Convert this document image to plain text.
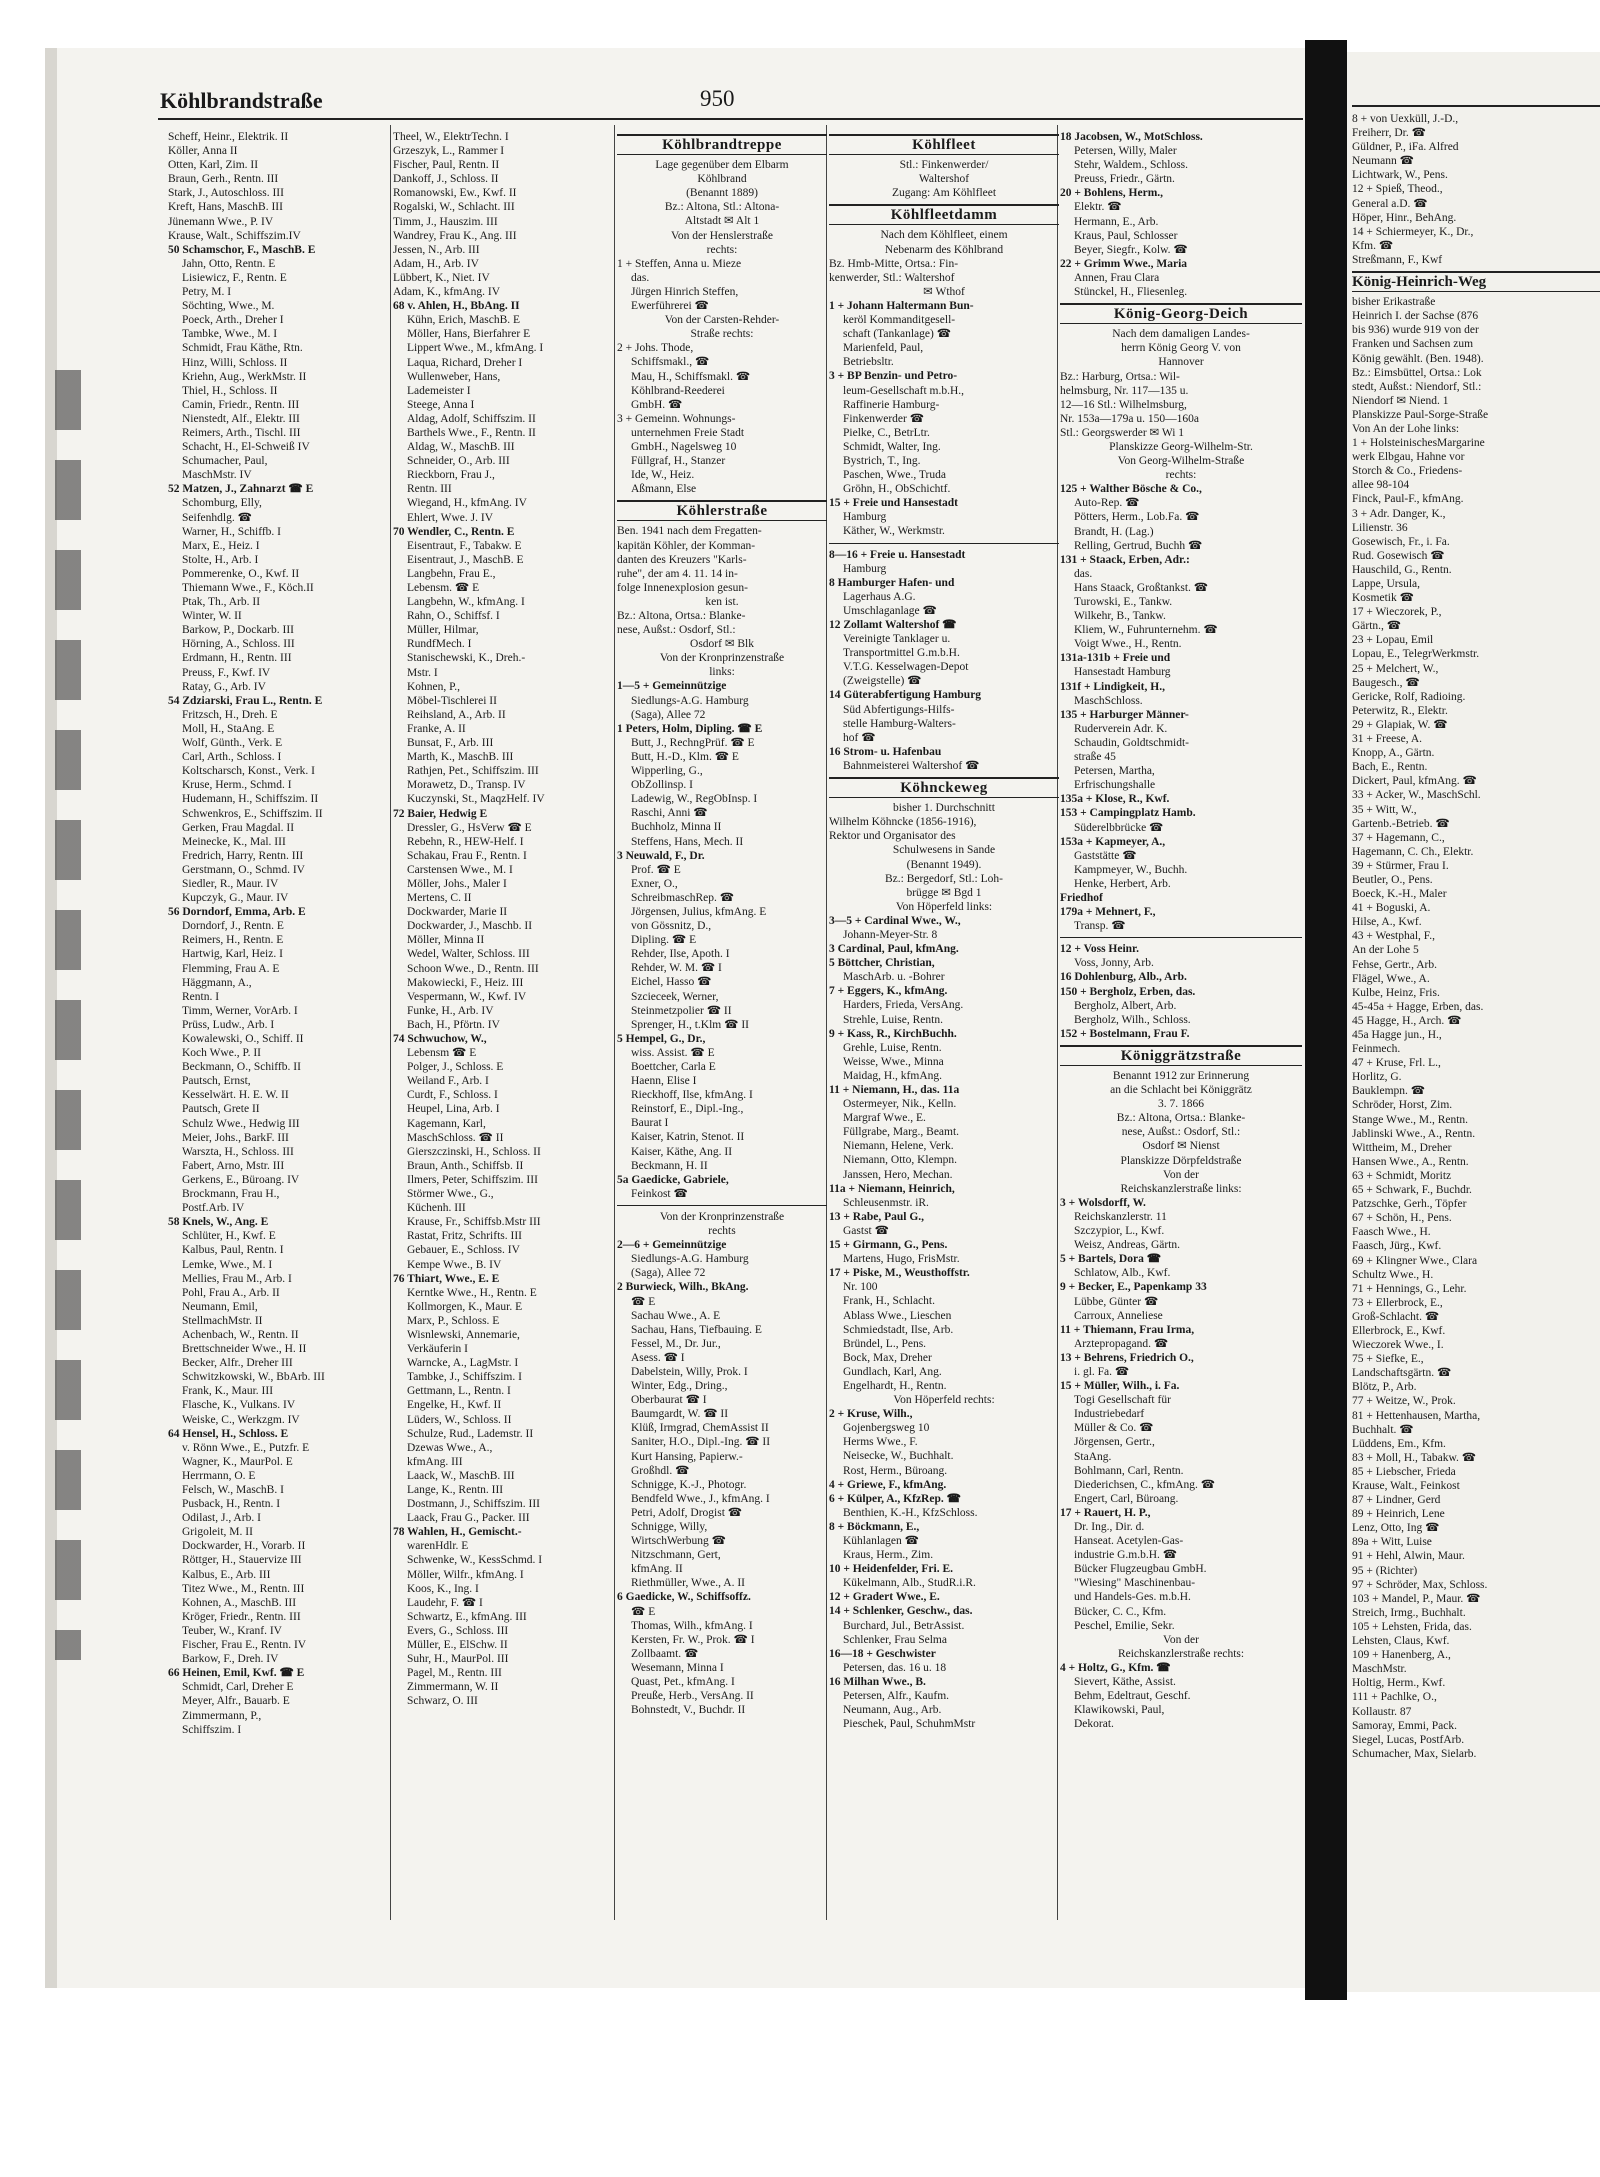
Köhlbrandstraße	950
Scheff, Heinr., Elektrik. II
Köller, Anna II
Otten, Karl, Zim. II
Braun, Gerh., Rentn. III
Stark, J., Autoschloss. III
Kreft, Hans, MaschB. III
Jünemann Wwe., P. IV
Krause, Walt., Schiffszim.IV
50 Schamschor, F., MaschB. E
Jahn, Otto, Rentn. E
Lisiewicz, F., Rentn. E
Petry, M. I
Söchting, Wwe., M.
Poeck, Arth., Dreher I
Tambke, Wwe., M. I
Schmidt, Frau Käthe, Rtn.
Hinz, Willi, Schloss. II
Kriehn, Aug., WerkMstr. II
Thiel, H., Schloss. II
Camin, Friedr., Rentn. III
Nienstedt, Alf., Elektr. III
Reimers, Arth., Tischl. III
Schacht, H., El-Schweiß IV
Schumacher, Paul,
MaschMstr. IV
52 Matzen, J., Zahnarzt ☎ E
Schomburg, Elly,
Seifenhdlg. ☎
Warner, H., Schiffb. I
Marx, E., Heiz. I
Stolte, H., Arb. I
Pommerenke, O., Kwf. II
Thiemann Wwe., F., Köch.II
Ptak, Th., Arb. II
Winter, W. II
Barkow, P., Dockarb. III
Hörning, A., Schloss. III
Erdmann, H., Rentn. III
Preuss, F., Kwf. IV
Ratay, G., Arb. IV
54 Zdziarski, Frau L., Rentn. E
Fritzsch, H., Dreh. E
Moll, H., StaAng. E
Wolf, Günth., Verk. E
Carl, Arth., Schloss. I
Koltscharsch, Konst., Verk. I
Kruse, Herm., Schmd. I
Hudemann, H., Schiffszim. II
Schwenkros, E., Schiffszim. II
Gerken, Frau Magdal. II
Meinecke, K., Mal. III
Fredrich, Harry, Rentn. III
Gerstmann, O., Schmd. IV
Siedler, R., Maur. IV
Kupczyk, G., Maur. IV
56 Dorndorf, Emma, Arb. E
Dorndorf, J., Rentn. E
Reimers, H., Rentn. E
Hartwig, Karl, Heiz. I
Flemming, Frau A. E
Häggmann, A.,
Rentn. I
Timm, Werner, VorArb. I
Prüss, Ludw., Arb. I
Kowalewski, O., Schiff. II
Koch Wwe., P. II
Beckmann, O., Schiffb. II
Pautsch, Ernst,
Kesselwärt. H. E. W. II
Pautsch, Grete II
Schulz Wwe., Hedwig III
Meier, Johs., BarkF. III
Warszta, H., Schloss. III
Fabert, Arno, Mstr. III
Gerkens, E., Büroang. IV
Brockmann, Frau H.,
Postf.Arb. IV
58 Knels, W., Ang. E
Schlüter, H., Kwf. E
Kalbus, Paul, Rentn. I
Lemke, Wwe., M. I
Mellies, Frau M., Arb. I
Pohl, Frau A., Arb. II
Neumann, Emil,
StellmachMstr. II
Achenbach, W., Rentn. II
Brettschneider Wwe., H. II
Becker, Alfr., Dreher III
Schwitzkowski, W., BbArb. III
Frank, K., Maur. III
Flasche, K., Vulkans. IV
Weiske, C., Werkzgm. IV
64 Hensel, H., Schloss. E
v. Rönn Wwe., E., Putzfr. E
Wagner, K., MaurPol. E
Herrmann, O. E
Felsch, W., MaschB. I
Pusback, H., Rentn. I
Odilast, J., Arb. I
Grigoleit, M. II
Dockwarder, H., Vorarb. II
Röttger, H., Stauervize III
Kalbus, E., Arb. III
Titez Wwe., M., Rentn. III
Kohnen, A., MaschB. III
Kröger, Friedr., Rentn. III
Teuber, W., Kranf. IV
Fischer, Frau E., Rentn. IV
Barkow, F., Dreh. IV
66 Heinen, Emil, Kwf. ☎ E
Schmidt, Carl, Dreher E
Meyer, Alfr., Bauarb. E
Zimmermann, P.,
Schiffszim. I
Theel, W., ElektrTechn. I
Grzeszyk, L., Rammer I
Fischer, Paul, Rentn. II
Dankoff, J., Schloss. II
Romanowski, Ew., Kwf. II
Rogalski, W., Schlacht. III
Timm, J., Hauszim. III
Wandrey, Frau K., Ang. III
Jessen, N., Arb. III
Adam, H., Arb. IV
Lübbert, K., Niet. IV
Adam, K., kfmAng. IV
68 v. Ahlen, H., BbAng. II
Kühn, Erich, MaschB. E
Möller, Hans, Bierfahrer E
Lippert Wwe., M., kfmAng. I
Laqua, Richard, Dreher I
Wullenweber, Hans,
Lademeister I
Steege, Anna I
Aldag, Adolf, Schiffszim. II
Barthels Wwe., F., Rentn. II
Aldag, W., MaschB. III
Schneider, O., Arb. III
Rieckborn, Frau J.,
Rentn. III
Wiegand, H., kfmAng. IV
Ehlert, Wwe. J. IV
70 Wendler, C., Rentn. E
Eisentraut, F., Tabakw. E
Eisentraut, J., MaschB. E
Langbehn, Frau E.,
Lebensm. ☎ E
Langbehn, W., kfmAng. I
Rahn, O., Schiffsf. I
Müller, Hilmar,
RundfMech. I
Stanischewski, K., Dreh.-
Mstr. I
Kohnen, P.,
Möbel-Tischlerei II
Reihsland, A., Arb. II
Franke, A. II
Bunsat, F., Arb. III
Marth, K., MaschB. III
Rathjen, Pet., Schiffszim. III
Morawetz, D., Transp. IV
Kuczynski, St., MaqzHelf. IV
72 Baier, Hedwig E
Dressler, G., HsVerw ☎ E
Rebehn, R., HEW-Helf. I
Schakau, Frau F., Rentn. I
Carstensen Wwe., M. I
Möller, Johs., Maler I
Mertens, C. II
Dockwarder, Marie II
Dockwarder, J., Maschb. II
Möller, Minna II
Wedel, Walter, Schloss. III
Schoon Wwe., D., Rentn. III
Makowiecki, F., Heiz. III
Vespermann, W., Kwf. IV
Funke, H., Arb. IV
Bach, H., Pförtn. IV
74 Schwuchow, W.,
Lebensm ☎ E
Polger, J., Schloss. E
Weiland F., Arb. I
Curdt, F., Schloss. I
Heupel, Lina, Arb. I
Kagemann, Karl,
MaschSchloss. ☎ II
Gierszczinski, H., Schloss. II
Braun, Anth., Schiffsb. II
Ilmers, Peter, Schiffszim. III
Störmer Wwe., G.,
Küchenh. III
Krause, Fr., Schiffsb.Mstr III
Rastat, Fritz, Schrifts. III
Gebauer, E., Schloss. IV
Kempe Wwe., B. IV
76 Thiart, Wwe., E. E
Kerntke Wwe., H., Rentn. E
Kollmorgen, K., Maur. E
Marx, P., Schloss. E
Wisnlewski, Annemarie,
Verkäuferin I
Warncke, A., LagMstr. I
Tambke, J., Schiffszim. I
Gettmann, L., Rentn. I
Engelke, H., Kwf. II
Lüders, W., Schloss. II
Schulze, Rud., Lademstr. II
Dzewas Wwe., A.,
kfmAng. III
Laack, W., MaschB. III
Lange, K., Rentn. III
Dostmann, J., Schiffszim. III
Laack, Frau G., Packer. III
78 Wahlen, H., Gemischt.-
warenHdlr. E
Schwenke, W., KessSchmd. I
Möller, Wilfr., kfmAng. I
Koos, K., Ing. I
Laudehr, F. ☎ I
Schwartz, E., kfmAng. III
Evers, G., Schloss. III
Müller, E., ElSchw. II
Suhr, H., MaurPol. III
Pagel, M., Rentn. III
Zimmermann, W. II
Schwarz, O. III
Köhlbrandtreppe
Lage gegenüber dem Elbarm
Köhlbrand
(Benannt 1889)
Bz.: Altona, Stl.: Altona-
Altstadt ✉ Alt 1
Von der Henslerstraße
rechts:
1 + Steffen, Anna u. Mieze
das.
Jürgen Hinrich Steffen,
Ewerführerei ☎
Von der Carsten-Rehder-
Straße rechts:
2 + Johs. Thode,
Schiffsmakl., ☎
Mau, H., Schiffsmakl. ☎
Köhlbrand-Reederei
GmbH. ☎
3 + Gemeinn. Wohnungs-
unternehmen Freie Stadt
GmbH., Nagelsweg 10
Füllgraf, H., Stanzer
Ide, W., Heiz.
Aßmann, Else
Köhlerstraße
Ben. 1941 nach dem Fregatten-
kapitän Köhler, der Komman-
danten des Kreuzers "Karls-
ruhe", der am 4. 11. 14 in-
folge Innenexplosion gesun-
ken ist.
Bz.: Altona, Ortsa.: Blanke-
nese, Außst.: Osdorf, Stl.:
Osdorf ✉ Blk
Von der Kronprinzenstraße
links:
1—5 + Gemeinnützige
Siedlungs-A.G. Hamburg
(Saga), Allee 72
1 Peters, Holm, Dipling. ☎ E
Butt, J., RechngPrüf. ☎ E
Butt, H.-D., Klm. ☎ E
Wipperling, G.,
ObZollinsp. I
Ladewig, W., RegObInsp. I
Raschi, Anni ☎
Buchholz, Minna II
Steffens, Hans, Mech. II
3 Neuwald, F., Dr.
Prof. ☎ E
Exner, O.,
SchreibmaschRep. ☎
Jörgensen, Julius, kfmAng. E
von Gössnitz, D.,
Dipling. ☎ E
Rehder, Ilse, Apoth. I
Rehder, W. M. ☎ I
Eichel, Hasso ☎
Szcieceek, Werner,
Steinmetzpolier ☎ II
Sprenger, H., t.Klm ☎ II
5 Hempel, G., Dr.,
wiss. Assist. ☎ E
Boettcher, Carla E
Haenn, Elise I
Rieckhoff, Ilse, kfmAng. I
Reinstorf, E., Dipl.-Ing.,
Baurat I
Kaiser, Katrin, Stenot. II
Kaiser, Käthe, Ang. II
Beckmann, H. II
5a Gaedicke, Gabriele,
Feinkost ☎
Von der Kronprinzenstraße
rechts
2—6 + Gemeinnützige
Siedlungs-A.G. Hamburg
(Saga), Allee 72
2 Burwieck, Wilh., BkAng.
☎ E
Sachau Wwe., A. E
Sachau, Hans, Tiefbauing. E
Fessel, M., Dr. Jur.,
Asess. ☎ I
Dabelstein, Willy, Prok. I
Winter, Edg., Dring.,
Oberbaurat ☎ I
Baumgardt, W. ☎ II
Klüß, Irmgrad, ChemAssist II
Saniter, H.O., Dipl.-Ing. ☎ II
Kurt Hansing, Papierw.-
Großhdl. ☎
Schnigge, K.-J., Photogr.
Bendfeld Wwe., J., kfmAng. I
Petri, Adolf, Drogist ☎
Schnigge, Willy,
WirtschWerbung ☎
Nitzschmann, Gert,
kfmAng. II
Riethmüller, Wwe., A. II
6 Gaedicke, W., Schiffsoffz.
☎ E
Thomas, Wilh., kfmAng. I
Kersten, Fr. W., Prok. ☎ I
Zollbaamt. ☎
Wesemann, Minna I
Quast, Pet., kfmAng. I
Preuße, Herb., VersAng. II
Bohnstedt, V., Buchdr. II
Köhlfleet
Stl.: Finkenwerder/
Waltershof
Zugang: Am Köhlfleet
Köhlfleetdamm
Nach dem Köhlfleet, einem
Nebenarm des Köhlbrand
Bz. Hmb-Mitte, Ortsa.: Fin-
kenwerder, Stl.: Waltershof
✉ Wthof
1 + Johann Haltermann Bun-
keröl Kommanditgesell-
schaft (Tankanlage) ☎
Marienfeld, Paul,
Betriebsltr.
3 + BP Benzin- und Petro-
leum-Gesellschaft m.b.H.,
Raffinerie Hamburg-
Finkenwerder ☎
Pielke, C., BetrLtr.
Schmidt, Walter, Ing.
Bystrich, T., Ing.
Paschen, Wwe., Truda
Gröhn, H., ObSchichtf.
15 + Freie und Hansestadt
Hamburg
Käther, W., Werkmstr.
8—16 + Freie u. Hansestadt
Hamburg
8 Hamburger Hafen- und
Lagerhaus A.G.
Umschlaganlage ☎
12 Zollamt Waltershof ☎
Vereinigte Tanklager u.
Transportmittel G.m.b.H.
V.T.G. Kesselwagen-Depot
(Zweigstelle) ☎
14 Güterabfertigung Hamburg
Süd Abfertigungs-Hilfs-
stelle Hamburg-Walters-
hof ☎
16 Strom- u. Hafenbau
Bahnmeisterei Waltershof ☎
Köhnckeweg
bisher 1. Durchschnitt
Wilhelm Köhncke (1856-1916),
Rektor und Organisator des
Schulwesens in Sande
(Benannt 1949).
Bz.: Bergedorf, Stl.: Loh-
brügge ✉ Bgd 1
Von Höperfeld links:
3—5 + Cardinal Wwe., W.,
Johann-Meyer-Str. 8
3 Cardinal, Paul, kfmAng.
5 Böttcher, Christian,
MaschArb. u. -Bohrer
7 + Eggers, K., kfmAng.
Harders, Frieda, VersAng.
Strehle, Luise, Rentn.
9 + Kass, R., KirchBuchh.
Grehle, Luise, Rentn.
Weisse, Wwe., Minna
Maidag, H., kfmAng.
11 + Niemann, H., das. 11a
Ostermeyer, Nik., Kelln.
Margraf Wwe., E.
Füllgrabe, Marg., Beamt.
Niemann, Helene, Verk.
Niemann, Otto, Klempn.
Janssen, Hero, Mechan.
11a + Niemann, Heinrich,
Schleusenmstr. iR.
13 + Rabe, Paul G.,
Gastst ☎
15 + Girmann, G., Pens.
Martens, Hugo, FrisMstr.
17 + Piske, M., Weusthoffstr.
Nr. 100
Frank, H., Schlacht.
Ablass Wwe., Lieschen
Schmiedstadt, Ilse, Arb.
Bründel, L., Pens.
Bock, Max, Dreher
Gundlach, Karl, Ang.
Engelhardt, H., Rentn.
Von Höperfeld rechts:
2 + Kruse, Wilh.,
Gojenbergsweg 10
Herms Wwe., F.
Neisecke, W., Buchhalt.
Rost, Herm., Büroang.
4 + Griewe, F., kfmAng.
6 + Külper, A., KfzRep. ☎
Benthien, K.-H., KfzSchloss.
8 + Böckmann, E.,
Kühlanlagen ☎
Kraus, Herm., Zim.
10 + Heidenfelder, Fri. E.
Kükelmann, Alb., StudR.i.R.
12 + Gradert Wwe., E.
14 + Schlenker, Geschw., das.
Burchard, Jul., BetrAssist.
Schlenker, Frau Selma
16—18 + Geschwister
Petersen, das. 16 u. 18
16 Milhan Wwe., B.
Petersen, Alfr., Kaufm.
Neumann, Aug., Arb.
Pieschek, Paul, SchuhmMstr
18 Jacobsen, W., MotSchloss.
Petersen, Willy, Maler
Stehr, Waldem., Schloss.
Preuss, Friedr., Gärtn.
20 + Bohlens, Herm.,
Elektr. ☎
Hermann, E., Arb.
Kraus, Paul, Schlosser
Beyer, Siegfr., Kolw. ☎
22 + Grimm Wwe., Maria
Annen, Frau Clara
Stünckel, H., Fliesenleg.
König-Georg-Deich
Nach dem damaligen Landes-
herrn König Georg V. von
Hannover
Bz.: Harburg, Ortsa.: Wil-
helmsburg, Nr. 117—135 u.
12—16 Stl.: Wilhelmsburg,
Nr. 153a—179a u. 150—160a
Stl.: Georgswerder ✉ Wi 1
Planskizze Georg-Wilhelm-Str.
Von Georg-Wilhelm-Straße
rechts:
125 + Walther Bösche & Co.,
Auto-Rep. ☎
Pötters, Herm., Lob.Fa. ☎
Brandt, H. (Lag.)
Relling, Gertrud, Buchh ☎
131 + Staack, Erben, Adr.:
das.
Hans Staack, Großtankst. ☎
Turowski, E., Tankw.
Wilkehr, B., Tankw.
Kliem, W., Fuhrunternehm. ☎
Voigt Wwe., H., Rentn.
131a-131b + Freie und
Hansestadt Hamburg
131f + Lindigkeit, H.,
MaschSchloss.
135 + Harburger Männer-
Ruderverein Adr. K.
Schaudin, Goldtschmidt-
straße 45
Petersen, Martha,
Erfrischungshalle
135a + Klose, R., Kwf.
153 + Campingplatz Hamb.
Süderelbbrücke ☎
153a + Kapmeyer, A.,
Gaststätte ☎
Kampmeyer, W., Buchh.
Henke, Herbert, Arb.
Friedhof
179a + Mehnert, F.,
Transp. ☎
12 + Voss Heinr.
Voss, Jonny, Arb.
16 Dohlenburg, Alb., Arb.
150 + Bergholz, Erben, das.
Bergholz, Albert, Arb.
Bergholz, Wilh., Schloss.
152 + Bostelmann, Frau F.
Königgrätzstraße
Benannt 1912 zur Erinnerung
an die Schlacht bei Königgrätz
3. 7. 1866
Bz.: Altona, Ortsa.: Blanke-
nese, Außst.: Osdorf, Stl.:
Osdorf ✉ Nienst
Planskizze Dörpfeldstraße
Von der
Reichskanzlerstraße links:
3 + Wolsdorff, W.
Reichskanzlerstr. 11
Szczypior, L., Kwf.
Weisz, Andreas, Gärtn.
5 + Bartels, Dora ☎
Schlatow, Alb., Kwf.
9 + Becker, E., Papenkamp 33
Lübbe, Günter ☎
Carroux, Anneliese
11 + Thiemann, Frau Irma,
Arztepropagand. ☎
13 + Behrens, Friedrich O.,
i. gl. Fa. ☎
15 + Müller, Wilh., i. Fa.
Togi Gesellschaft für
Industriebedarf
Müller & Co. ☎
Jörgensen, Gertr.,
StaAng.
Bohlmann, Carl, Rentn.
Diederichsen, C., kfmAng. ☎
Engert, Carl, Büroang.
17 + Rauert, H. P.,
Dr. Ing., Dir. d.
Hanseat. Acetylen-Gas-
industrie G.m.b.H. ☎
Bücker Flugzeugbau GmbH.
"Wiesing" Maschinenbau-
und Handels-Ges. m.b.H.
Bücker, C. C., Kfm.
Peschel, Emilie, Sekr.
Von der
Reichskanzlerstraße rechts:
4 + Holtz, G., Kfm. ☎
Sievert, Käthe, Assist.
Behm, Edeltraut, Geschf.
Klawikowski, Paul,
Dekorat.
8 + von Uexküll, J.-D.,
Freiherr, Dr. ☎
Güldner, P., iFa. Alfred
Neumann ☎
Lichtwark, W., Pens.
12 + Spieß, Theod.,
General a.D. ☎
Höper, Hinr., BehAng.
14 + Schiermeyer, K., Dr.,
Kfm. ☎
Streßmann, F., Kwf
König-Heinrich-Weg
bisher Erikastraße
Heinrich I. der Sachse (876
bis 936) wurde 919 von der
Franken und Sachsen zum
König gewählt. (Ben. 1948).
Bz.: Eimsbüttel, Ortsa.: Lok
stedt, Außst.: Niendorf, Stl.:
Niendorf ✉ Niend. 1
Planskizze Paul-Sorge-Straße
Von An der Lohe links:
1 + HolsteinischesMargarine
werk Elbgau, Hahne vor
Storch & Co., Friedens-
allee 98-104
Finck, Paul-F., kfmAng.
3 + Adr. Danger, K.,
Lilienstr. 36
Gosewisch, Fr., i. Fa.
Rud. Gosewisch ☎
Hauschild, G., Rentn.
Lappe, Ursula,
Kosmetik ☎
17 + Wieczorek, P.,
Gärtn., ☎
23 + Lopau, Emil
Lopau, E., TelegrWerkmstr.
25 + Melchert, W.,
Baugesch., ☎
Gericke, Rolf, Radioing.
Peterwitz, R., Elektr.
29 + Glapiak, W. ☎
31 + Freese, A.
Knopp, A., Gärtn.
Bach, E., Rentn.
Dickert, Paul, kfmAng. ☎
33 + Acker, W., MaschSchl.
35 + Witt, W.,
Gartenb.-Betrieb. ☎
37 + Hagemann, C.,
Hagemann, C. Ch., Elektr.
39 + Stürmer, Frau I.
Beutler, O., Pens.
Boeck, K.-H., Maler
41 + Boguski, A.
Hilse, A., Kwf.
43 + Westphal, F.,
An der Lohe 5
Fehse, Gertr., Arb.
Flägel, Wwe., A.
Kulbe, Heinz, Fris.
45-45a + Hagge, Erben, das.
45 Hagge, H., Arch. ☎
45a Hagge jun., H.,
Feinmech.
47 + Kruse, Frl. L.,
Horlitz, G.
Bauklempn. ☎
Schröder, Horst, Zim.
Stange Wwe., M., Rentn.
Jablinski Wwe., A., Rentn.
Wittheim, M., Dreher
Hansen Wwe., A., Rentn.
63 + Schmidt, Moritz
65 + Schwark, F., Buchdr.
Patzschke, Gerh., Töpfer
67 + Schön, H., Pens.
Faasch Wwe., H.
Faasch, Jürg., Kwf.
69 + Klingner Wwe., Clara
Schultz Wwe., H.
71 + Hennings, G., Lehr.
73 + Ellerbrock, E.,
Groß-Schlacht. ☎
Ellerbrock, E., Kwf.
Wieczorek Wwe., I.
75 + Siefke, E.,
Landschaftsgärtn. ☎
Blötz, P., Arb.
77 + Weitze, W., Prok.
81 + Hettenhausen, Martha,
Buchhalt. ☎
Lüddens, Em., Kfm.
83 + Moll, H., Tabakw. ☎
85 + Liebscher, Frieda
Krause, Walt., Feinkost
87 + Lindner, Gerd
89 + Heinrich, Lene
Lenz, Otto, Ing ☎
89a + Witt, Luise
91 + Hehl, Alwin, Maur.
95 + (Richter)
97 + Schröder, Max, Schloss.
103 + Mandel, P., Maur. ☎
Streich, Irmg., Buchhalt.
105 + Lehsten, Frida, das.
Lehsten, Claus, Kwf.
109 + Hanenberg, A.,
MaschMstr.
Holtig, Herm., Kwf.
111 + Pachlke, O.,
Kollaustr. 87
Samoray, Emmi, Pack.
Siegel, Lucas, PostfArb.
Schumacher, Max, Sielarb.
